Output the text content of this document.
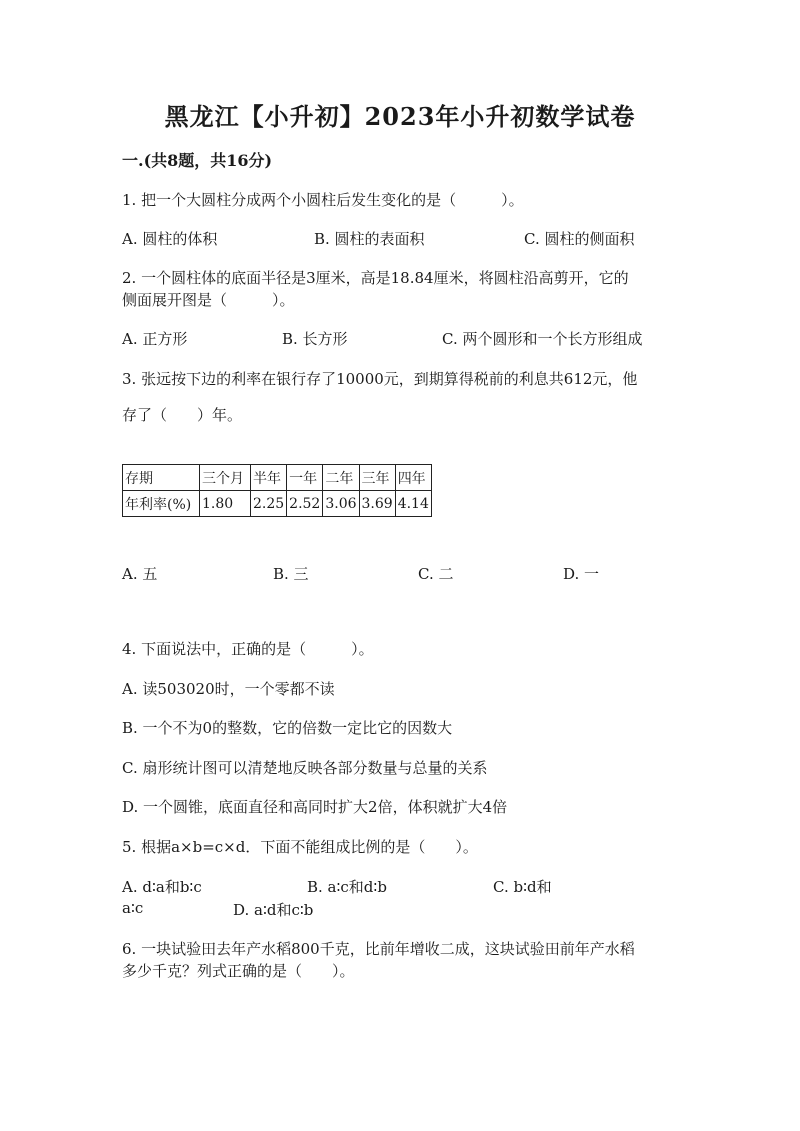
黑龙江【小升初】2023年小升初数学试卷
一.(共8题，共16分)
1. 把一个大圆柱分成两个小圆柱后发生变化的是（　　　）。
A. 圆柱的体积	B. 圆柱的表面积	C. 圆柱的侧面积
2. 一个圆柱体的底面半径是3厘米，高是18.84厘米，将圆柱沿高剪开，它的
侧面展开图是（　　　）。
A. 正方形	B. 长方形	C. 两个圆形和一个长方形组成
3. 张远按下边的利率在银行存了10000元，到期算得税前的利息共612元，他
存了（　　）年。
存期	三个月	半年	一年	二年	三年	四年
年利率(%)	1.80	2.25	2.52	3.06	3.69	4.14
A. 五	B. 三	C. 二	D. 一
4. 下面说法中，正确的是（　　　）。
A. 读503020时，一个零都不读
B. 一个不为0的整数，它的倍数一定比它的因数大
C. 扇形统计图可以清楚地反映各部分数量与总量的关系
D. 一个圆锥，底面直径和高同时扩大2倍，体积就扩大4倍
5. 根据a×b=c×d．下面不能组成比例的是（　　）。
A. d∶a和b∶c	B. a∶c和d∶b	C. b∶d和
a∶c	D. a∶d和c∶b
6. 一块试验田去年产水稻800千克，比前年增收二成，这块试验田前年产水稻
多少千克？列式正确的是（　　）。
